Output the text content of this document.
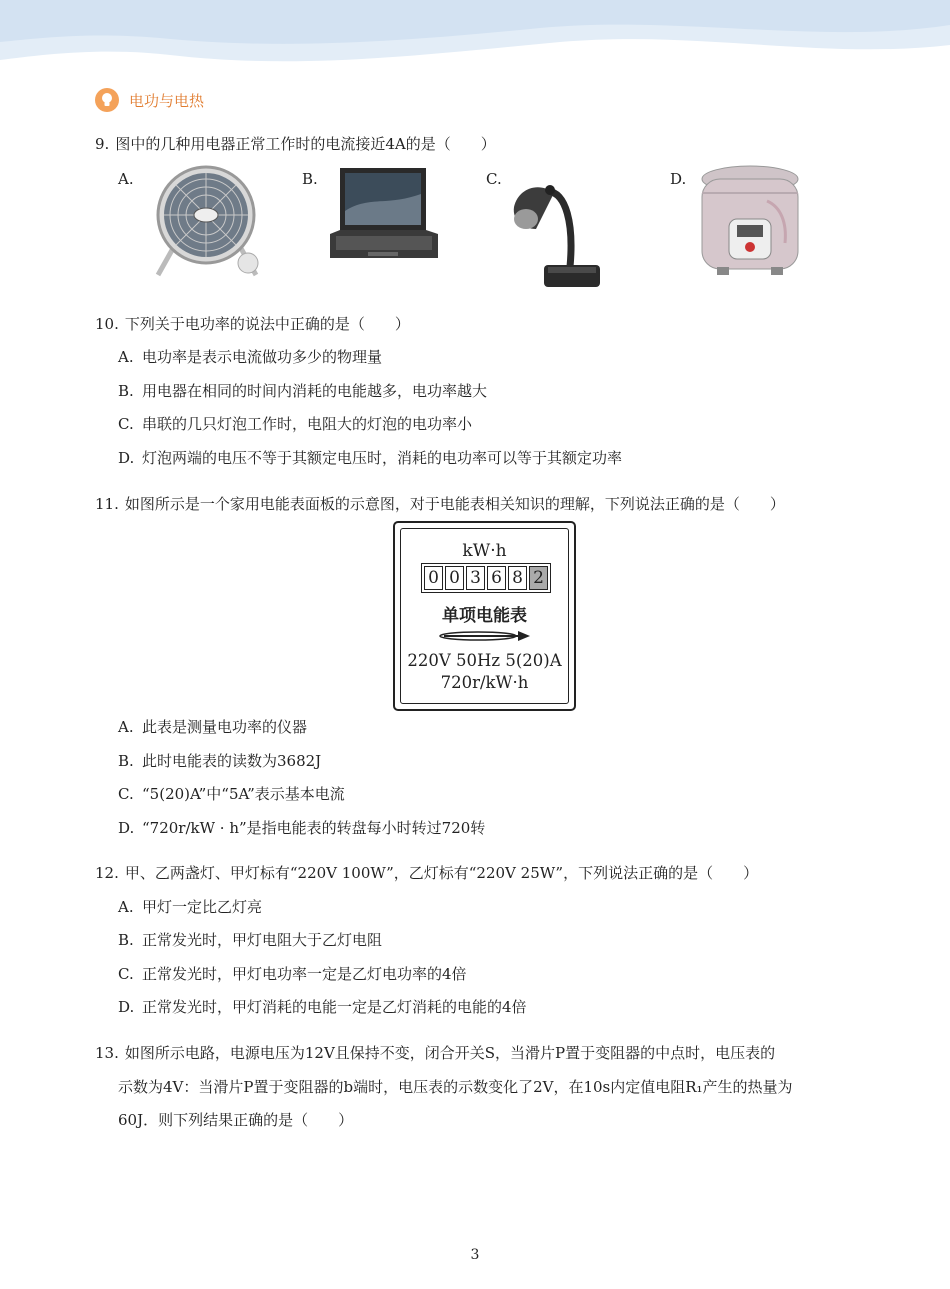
电功与电热
9. 图中的几种用电器正常工作时的电流接近4A的是（　　）
A.	B.	C.	D.
10. 下列关于电功率的说法中正确的是（　　）
A. 电功率是表示电流做功多少的物理量
B. 用电器在相同的时间内消耗的电能越多，电功率越大
C. 串联的几只灯泡工作时，电阻大的灯泡的电功率小
D. 灯泡两端的电压不等于其额定电压时，消耗的电功率可以等于其额定功率
11. 如图所示是一个家用电能表面板的示意图，对于电能表相关知识的理解，下列说法正确的是（　　）
kW·h
0 0 3 6 8 2
单项电能表
220V 50Hz 5(20)A
720r/kW·h
A. 此表是测量电功率的仪器
B. 此时电能表的读数为3682J
C. “5(20)A”中“5A”表示基本电流
D. “720r/kW · h”是指电能表的转盘每小时转过720转
12. 甲、乙两盏灯、甲灯标有“220V 100W”，乙灯标有“220V 25W”，下列说法正确的是（　　）
A. 甲灯一定比乙灯亮
B. 正常发光时，甲灯电阻大于乙灯电阻
C. 正常发光时，甲灯电功率一定是乙灯电功率的4倍
D. 正常发光时，甲灯消耗的电能一定是乙灯消耗的电能的4倍
13. 如图所示电路，电源电压为12V且保持不变，闭合开关S，当滑片P置于变阻器的中点时，电压表的
示数为4V：当滑片P置于变阻器的b端时，电压表的示数变化了2V，在10s内定值电阻R₁产生的热量为
60J．则下列结果正确的是（　　）
3
